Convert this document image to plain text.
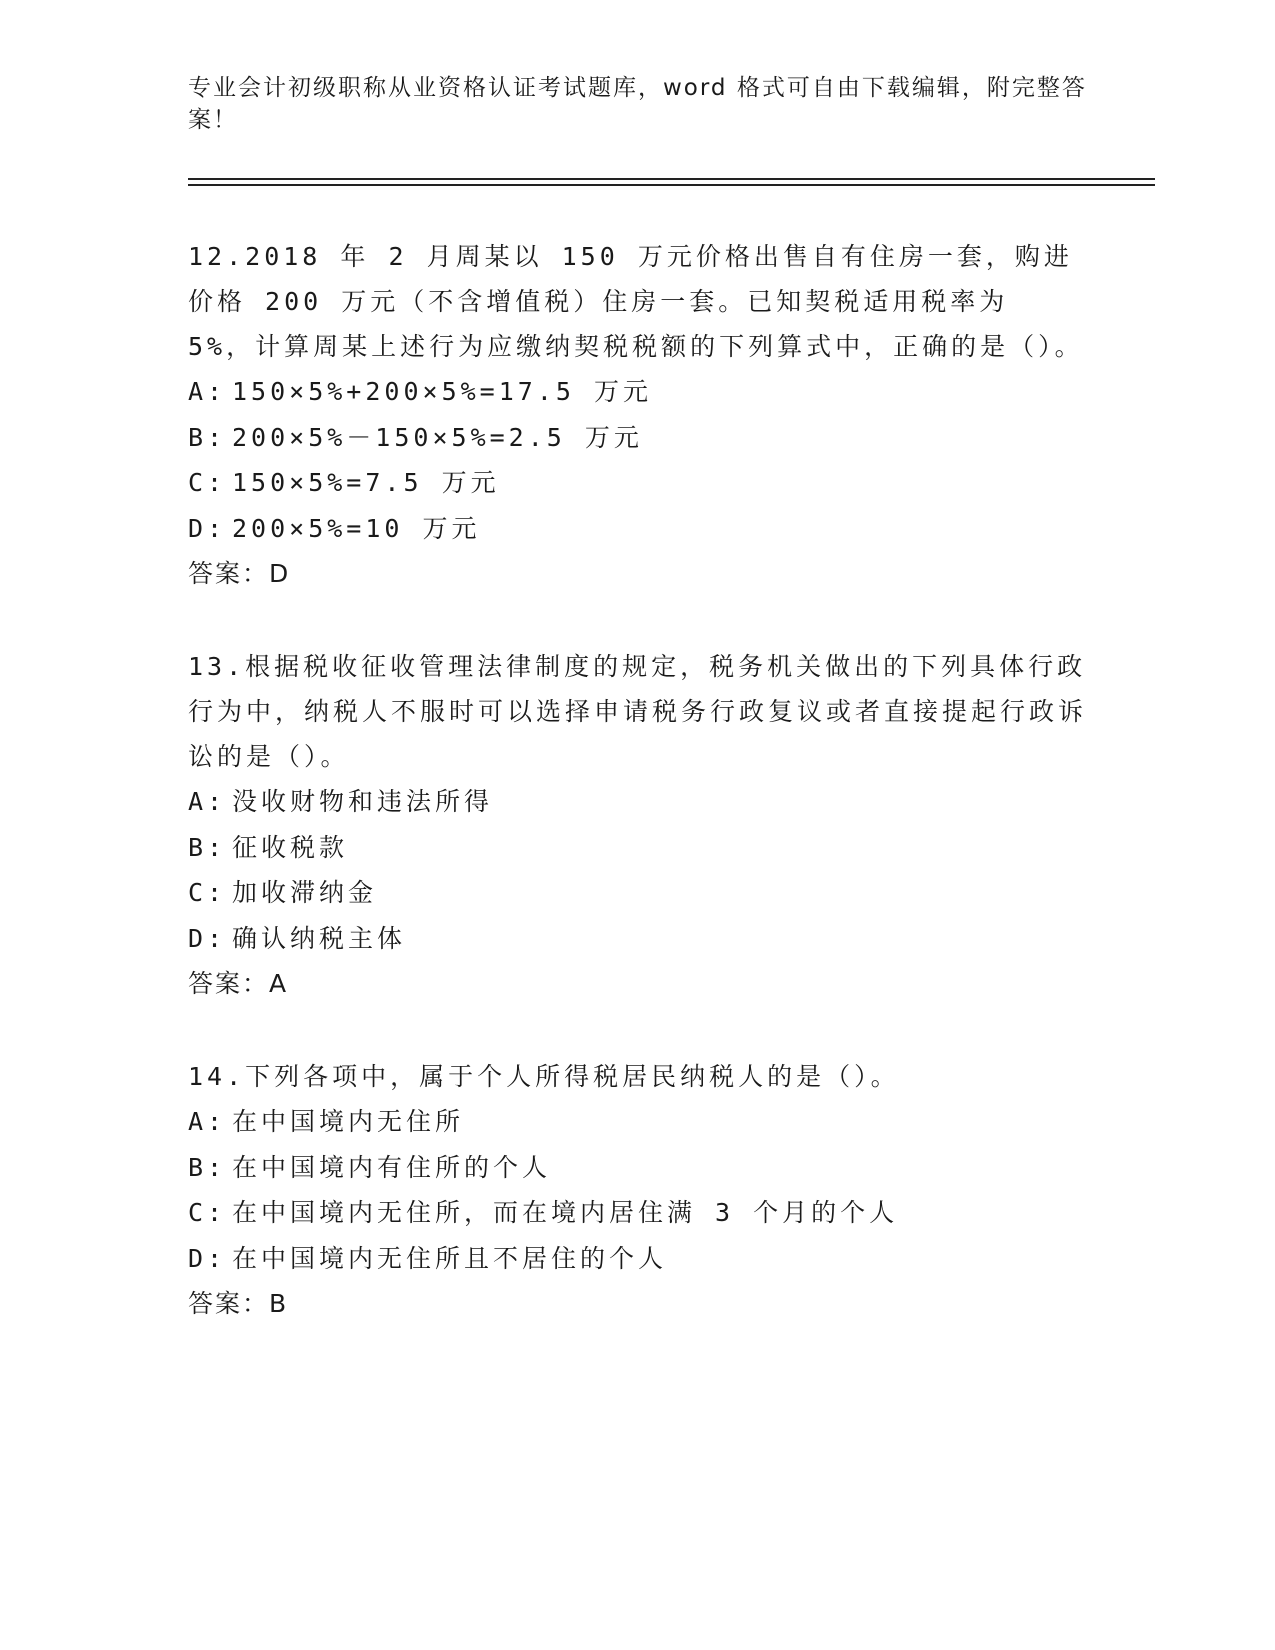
专业会计初级职称从业资格认证考试题库，word 格式可自由下载编辑，附完整答案！
12.2018 年 2 月周某以 150 万元价格出售自有住房一套，购进价格 200 万元（不含增值税）住房一套。已知契税适用税率为 5%，计算周某上述行为应缴纳契税税额的下列算式中，正确的是（）。
A: 150×5%+200×5%=17.5 万元
B: 200×5%－150×5%=2.5 万元
C: 150×5%=7.5 万元
D: 200×5%=10 万元
答案：D
13.根据税收征收管理法律制度的规定，税务机关做出的下列具体行政行为中，纳税人不服时可以选择申请税务行政复议或者直接提起行政诉讼的是（）。
A: 没收财物和违法所得
B: 征收税款
C: 加收滞纳金
D: 确认纳税主体
答案：A
14.下列各项中，属于个人所得税居民纳税人的是（）。
A: 在中国境内无住所
B: 在中国境内有住所的个人
C: 在中国境内无住所，而在境内居住满 3 个月的个人
D: 在中国境内无住所且不居住的个人
答案：B
